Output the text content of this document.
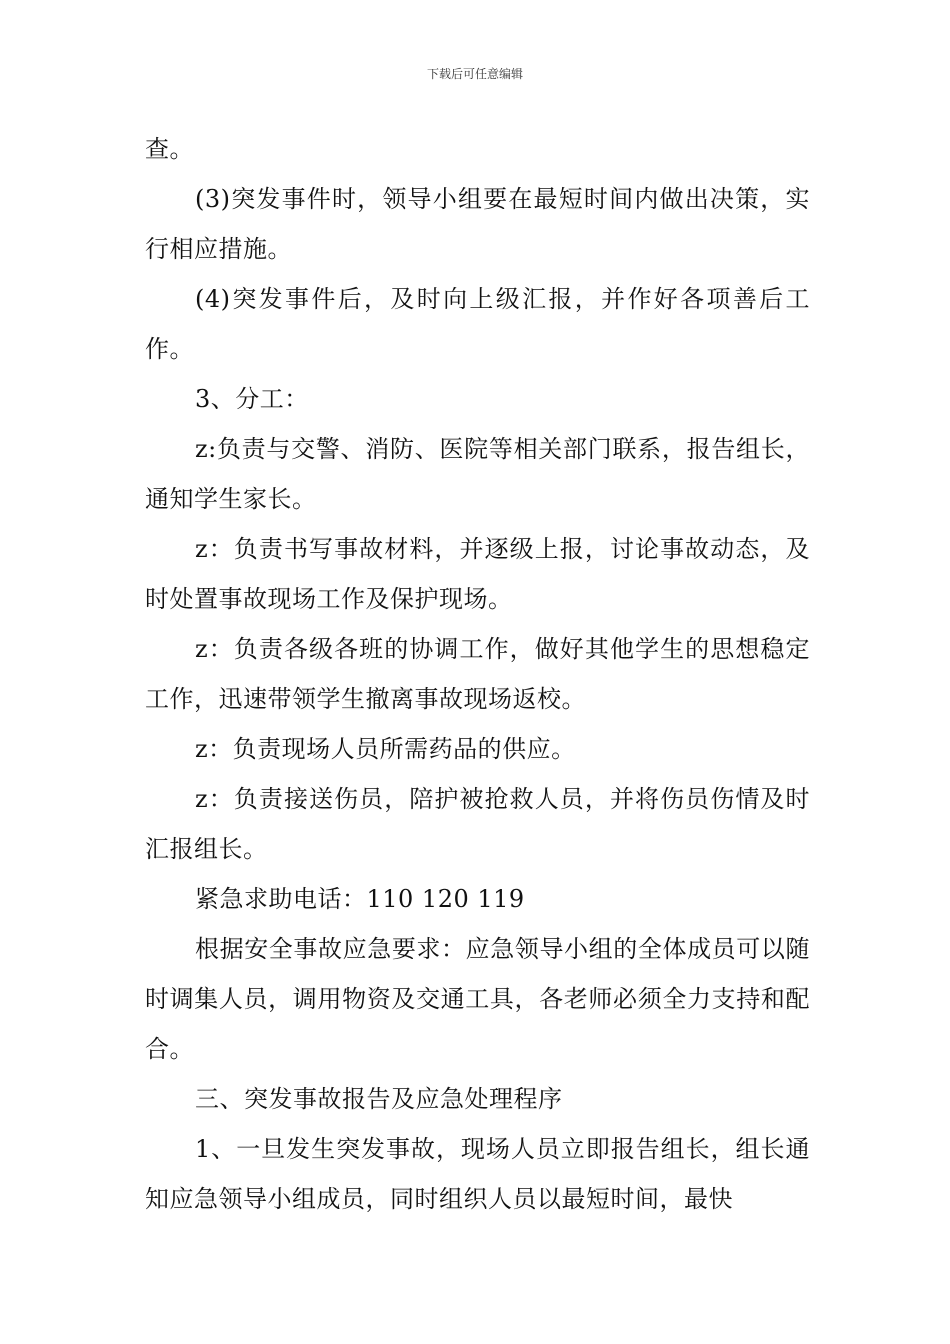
下载后可任意编辑

查。

(3)突发事件时，领导小组要在最短时间内做出决策，实行相应措施。

(4)突发事件后，及时向上级汇报，并作好各项善后工作。

3、分工：

z:负责与交警、消防、医院等相关部门联系，报告组长，通知学生家长。

z：负责书写事故材料，并逐级上报，讨论事故动态，及时处置事故现场工作及保护现场。

z：负责各级各班的协调工作，做好其他学生的思想稳定工作，迅速带领学生撤离事故现场返校。

z：负责现场人员所需药品的供应。

z：负责接送伤员，陪护被抢救人员，并将伤员伤情及时汇报组长。

紧急求助电话：110 120 119

根据安全事故应急要求：应急领导小组的全体成员可以随时调集人员，调用物资及交通工具，各老师必须全力支持和配合。

三、突发事故报告及应急处理程序

1、一旦发生突发事故，现场人员立即报告组长，组长通知应急领导小组成员，同时组织人员以最短时间，最快
